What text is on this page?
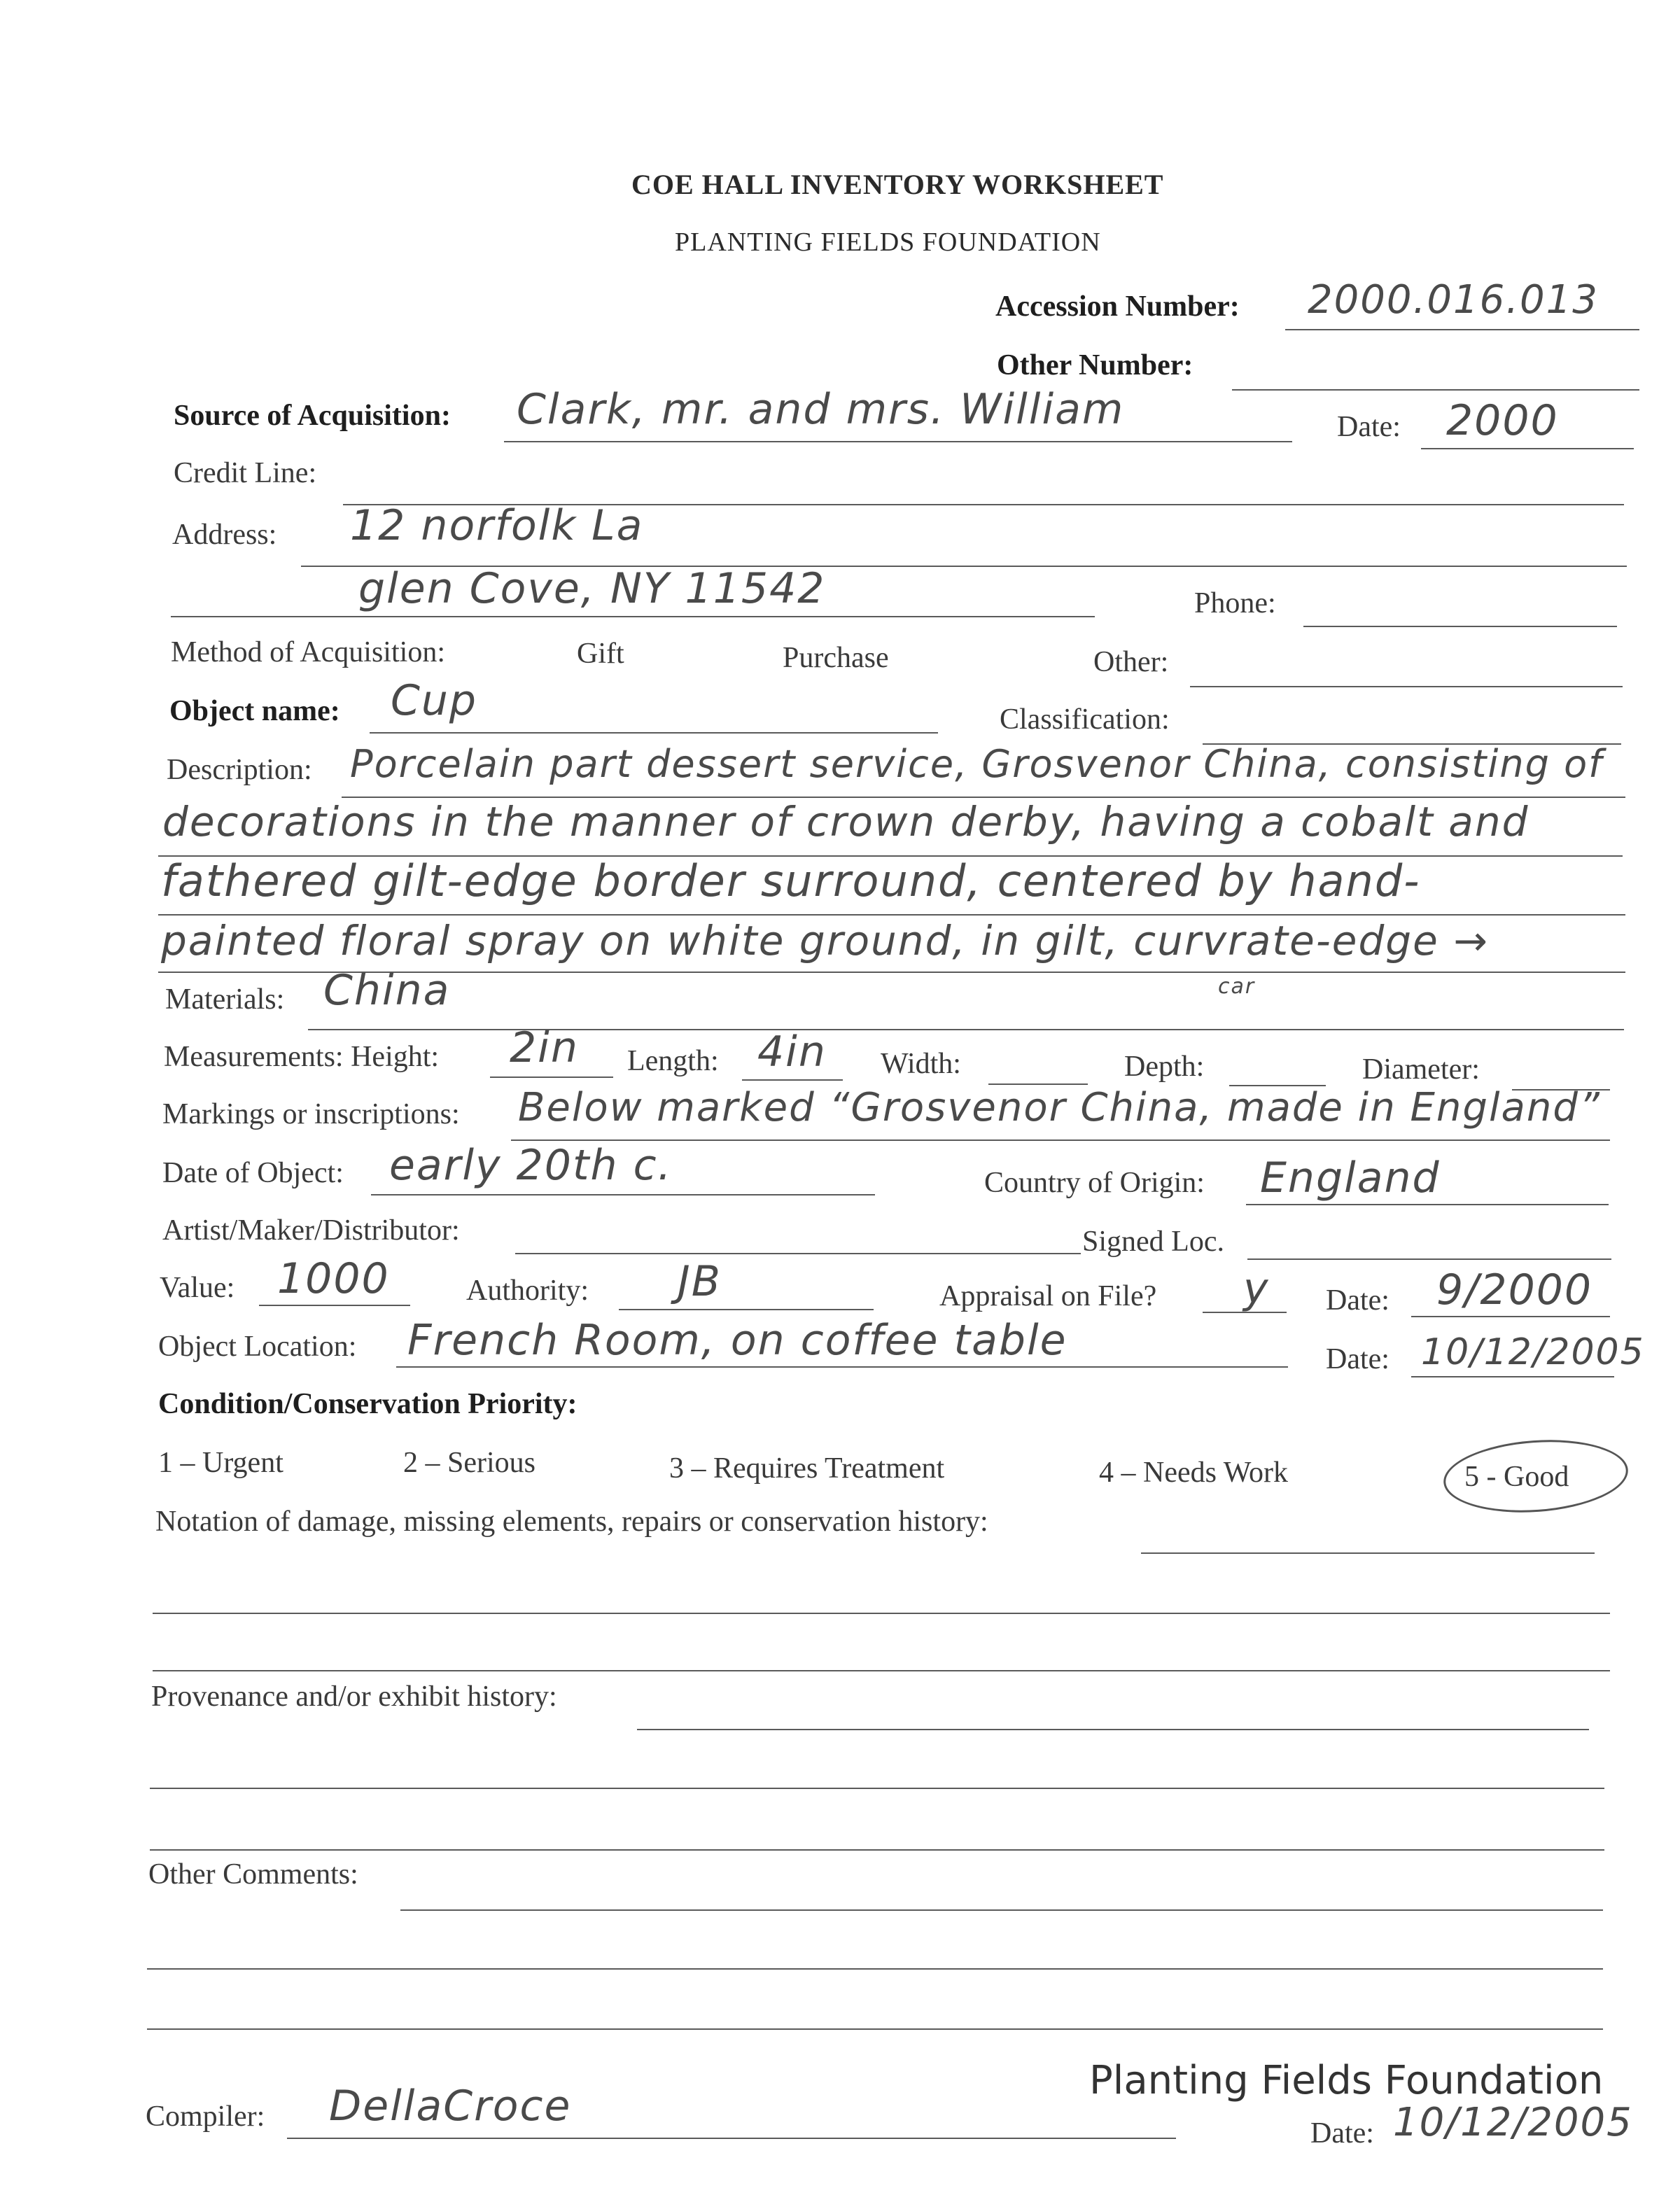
COE HALL INVENTORY WORKSHEET
PLANTING FIELDS FOUNDATION
Accession Number: 2000.016.013
Other Number:
Source of Acquisition: Clark, mr. and mrs. William	Date: 2000
Credit Line:
Address: 12 norfolk La
glen Cove, NY 11542	Phone:
Method of Acquisition:	Gift	Purchase	Other:
Object name: Cup	Classification:
Description: Porcelain part dessert service, Grosvenor China, consisting of
decorations in the manner of crown derby, having a cobalt and
fathered gilt-edge border surround, centered by hand-
painted floral spray on white ground, in gilt, curvrate-edge →
car
Materials: China
Measurements: Height: 2in Length: 4in Width:	Depth:	Diameter:
Markings or inscriptions: Below marked “Grosvenor China, made in England”
Date of Object: early 20th c.	Country of Origin: England
Artist/Maker/Distributor:	Signed Loc.
Value: 1000	Authority: JB	Appraisal on File? y Date: 9/2000
Object Location: French Room, on coffee table	Date: 10/12/2005
Condition/Conservation Priority:
1 – Urgent	2 – Serious	3 – Requires Treatment	4 – Needs Work	5 - Good
Notation of damage, missing elements, repairs or conservation history:
Provenance and/or exhibit history:
Other Comments:
Compiler: DellaCroce
Planting Fields Foundation
Date: 10/12/2005
